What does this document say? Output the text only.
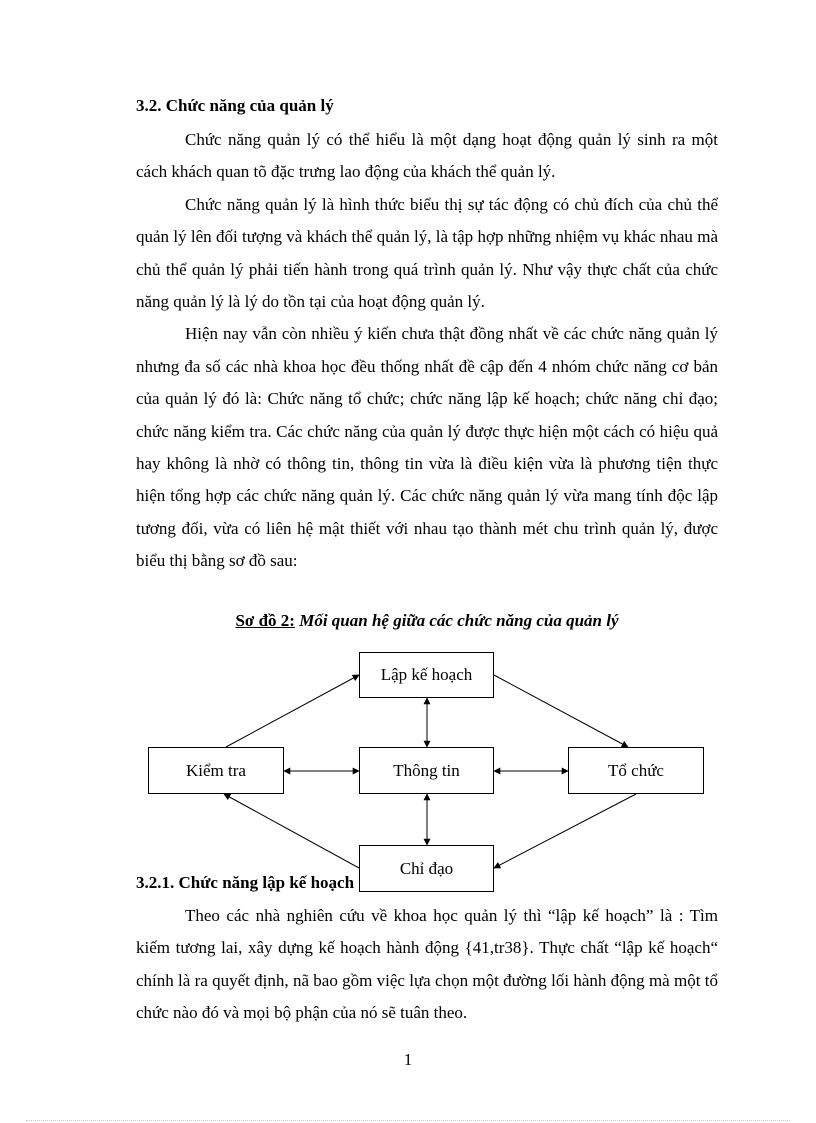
3.2. Chức năng của quản lý

Chức năng quản lý có thể hiểu là một dạng hoạt động quản lý sinh ra một cách khách quan tõ đặc trưng lao động của khách thể quản lý.

Chức năng quản lý là hình thức biểu thị sự tác động có chủ đích của chủ thể quản lý lên đối tượng và khách thể quản lý, là tập hợp những nhiệm vụ khác nhau mà chủ thể quản lý phải tiến hành trong quá trình quản lý. Như vậy thực chất của chức năng quản lý là lý do tồn tại của hoạt động quản lý.

Hiện nay vẫn còn nhiều ý kiến chưa thật đồng nhất về các chức năng quản lý nhưng đa số các nhà khoa học đều thống nhất đề cập đến 4 nhóm chức năng cơ bản của quản lý đó là: Chức năng tổ chức; chức năng lập kế hoạch; chức năng chỉ đạo; chức năng kiểm tra. Các chức năng của quản lý được thực hiện một cách có hiệu quả hay không là nhờ có thông tin, thông tin vừa là điều kiện vừa là phương tiện thực hiện tổng hợp các chức năng quản lý. Các chức năng quản lý vừa mang tính độc lập tương đối, vừa có liên hệ mật thiết với nhau tạo thành mét chu trình quản lý, được biểu thị bằng sơ đồ sau:

Sơ đồ 2: Mối quan hệ giữa các chức năng của quản lý
3.2.1. Chức năng lập kế hoạch
Lập kế hoạch
Kiểm tra	Thông tin	Tổ chức
Chỉ đạo

Theo các nhà nghiên cứu về khoa học quản lý thì “lập kế hoạch” là : Tìm kiếm tương lai, xây dựng kế hoạch hành động {41,tr38}. Thực chất “lập kế hoạch“ chính là ra quyết định, nã bao gồm việc lựa chọn một đường lối hành động mà một tổ chức nào đó và mọi bộ phận của nó sẽ tuân theo.

1
